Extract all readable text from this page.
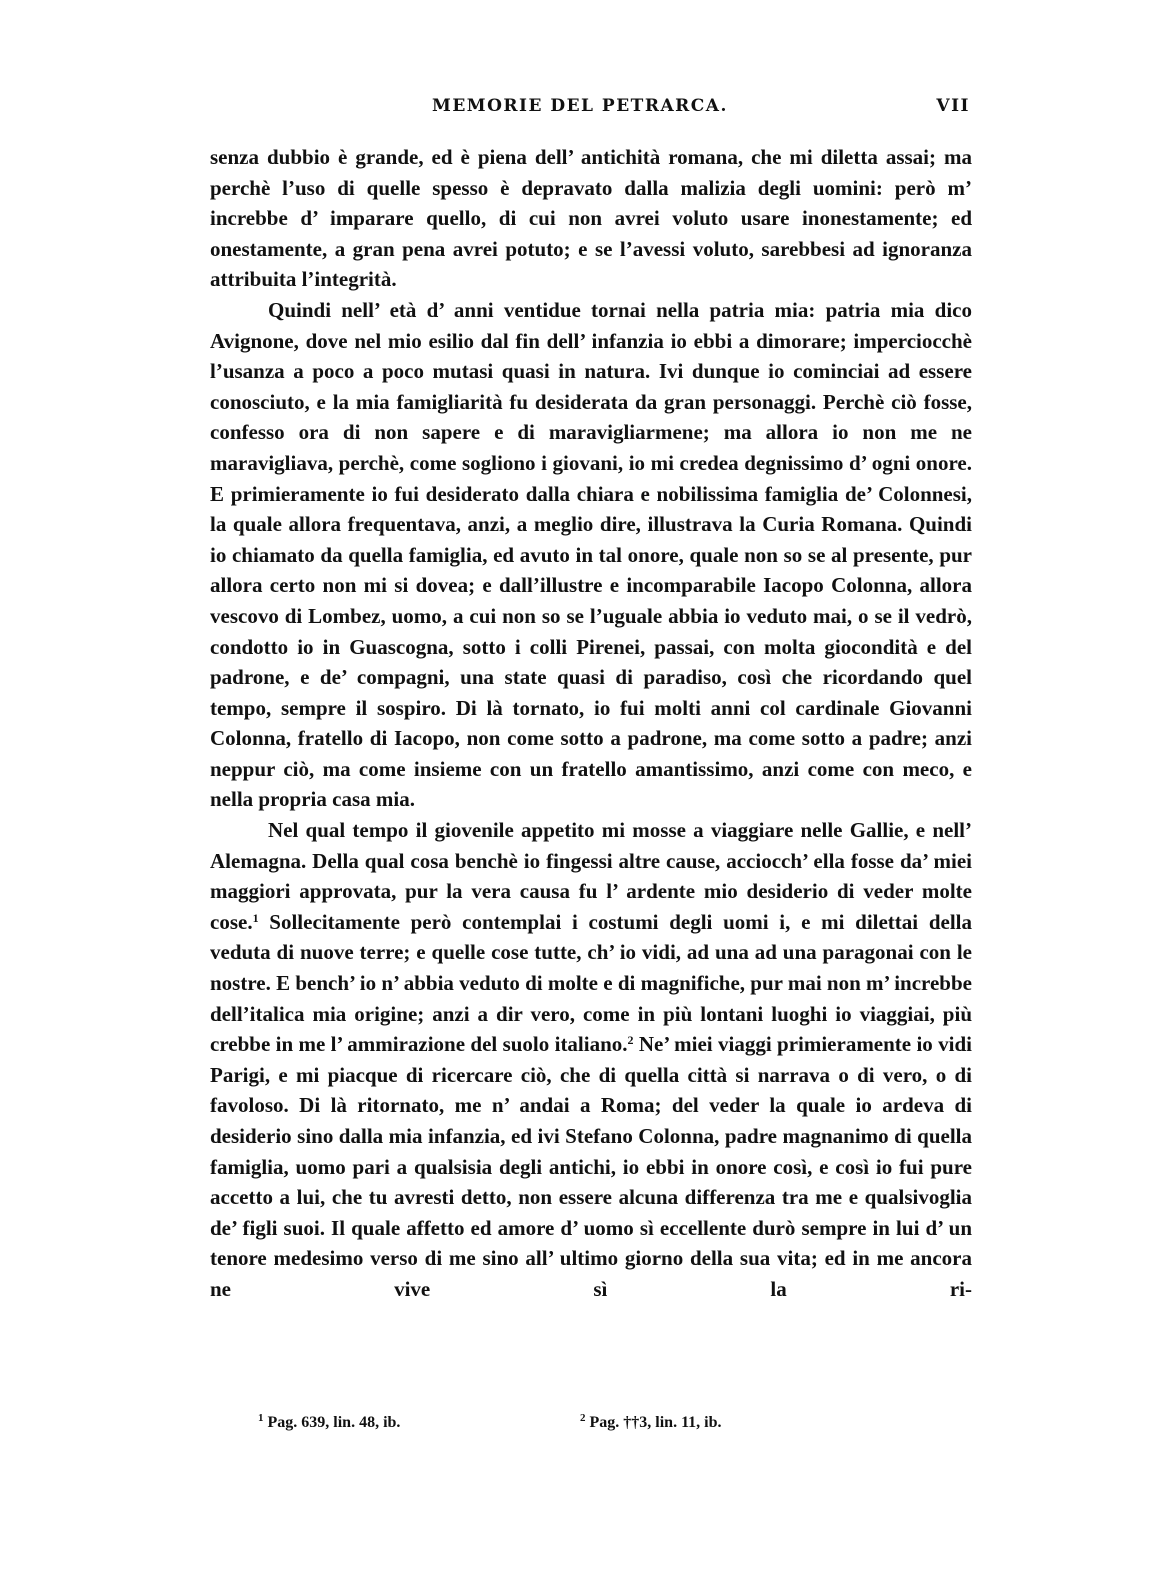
MEMORIE DEL PETRARCA.	VII

senza dubbio è grande, ed è piena dell’ antichità romana, che mi diletta assai; ma perchè l’uso di quelle spesso è depravato dalla malizia degli uomini: però m’ increbbe d’ imparare quello, di cui non avrei voluto usare inonestamente; ed onestamente, a gran pena avrei potuto; e se l’avessi voluto, sarebbesi ad ignoranza attribuita l’integrità.

Quindi nell’ età d’ anni ventidue tornai nella patria mia: patria mia dico Avignone, dove nel mio esilio dal fin dell’ infanzia io ebbi a dimorare; imperciocchè l’usanza a poco a poco mutasi quasi in natura. Ivi dunque io cominciai ad essere conosciuto, e la mia famigliarità fu desiderata da gran personaggi. Perchè ciò fosse, confesso ora di non sapere e di maravigliarmene; ma allora io non me ne maravigliava, perchè, come sogliono i giovani, io mi credea degnissimo d’ ogni onore. E primieramente io fui desiderato dalla chiara e nobilissima famiglia de’ Colonnesi, la quale allora frequentava, anzi, a meglio dire, illustrava la Curia Romana. Quindi io chiamato da quella famiglia, ed avuto in tal onore, quale non so se al presente, pur allora certo non mi si dovea; e dall’illustre e incomparabile Iacopo Colonna, allora vescovo di Lombez, uomo, a cui non so se l’uguale abbia io veduto mai, o se il vedrò, condotto io in Guascogna, sotto i colli Pirenei, passai, con molta giocondità e del padrone, e de’ compagni, una state quasi di paradiso, così che ricordando quel tempo, sempre il sospiro. Di là tornato, io fui molti anni col cardinale Giovanni Colonna, fratello di Iacopo, non come sotto a padrone, ma come sotto a padre; anzi neppur ciò, ma come insieme con un fratello amantissimo, anzi come con meco, e nella propria casa mia.

Nel qual tempo il giovenile appetito mi mosse a viaggiare nelle Gallie, e nell’ Alemagna. Della qual cosa benchè io fingessi altre cause, acciocch’ ella fosse da’ miei maggiori approvata, pur la vera causa fu l’ ardente mio desiderio di veder molte cose.$^1$ Sollecitamente però contemplai i costumi degli uomi i, e mi dilettai della veduta di nuove terre; e quelle cose tutte, ch’ io vidi, ad una ad una paragonai con le nostre. E bench’ io n’ abbia veduto di molte e di magnifiche, pur mai non m’ increbbe dell’italica mia origine; anzi a dir vero, come in più lontani luoghi io viaggiai, più crebbe in me l’ ammirazione del suolo italiano.$^2$ Ne’ miei viaggi primieramente io vidi Parigi, e mi piacque di ricercare ciò, che di quella città si narrava o di vero, o di favoloso. Di là ritornato, me n’ andai a Roma; del veder la quale io ardeva di desiderio sino dalla mia infanzia, ed ivi Stefano Colonna, padre magnanimo di quella famiglia, uomo pari a qualsisia degli antichi, io ebbi in onore così, e così io fui pure accetto a lui, che tu avresti detto, non essere alcuna differenza tra me e qualsivoglia de’ figli suoi. Il quale affetto ed amore d’ uomo sì eccellente durò sempre in lui d’ un tenore medesimo verso di me sino all’ ultimo giorno della sua vita; ed in me ancora ne vive sì la ri-

$^1$ Pag. 639, lin. 48, ib.	$^2$ Pag. ††3, lin. 11, ib.
